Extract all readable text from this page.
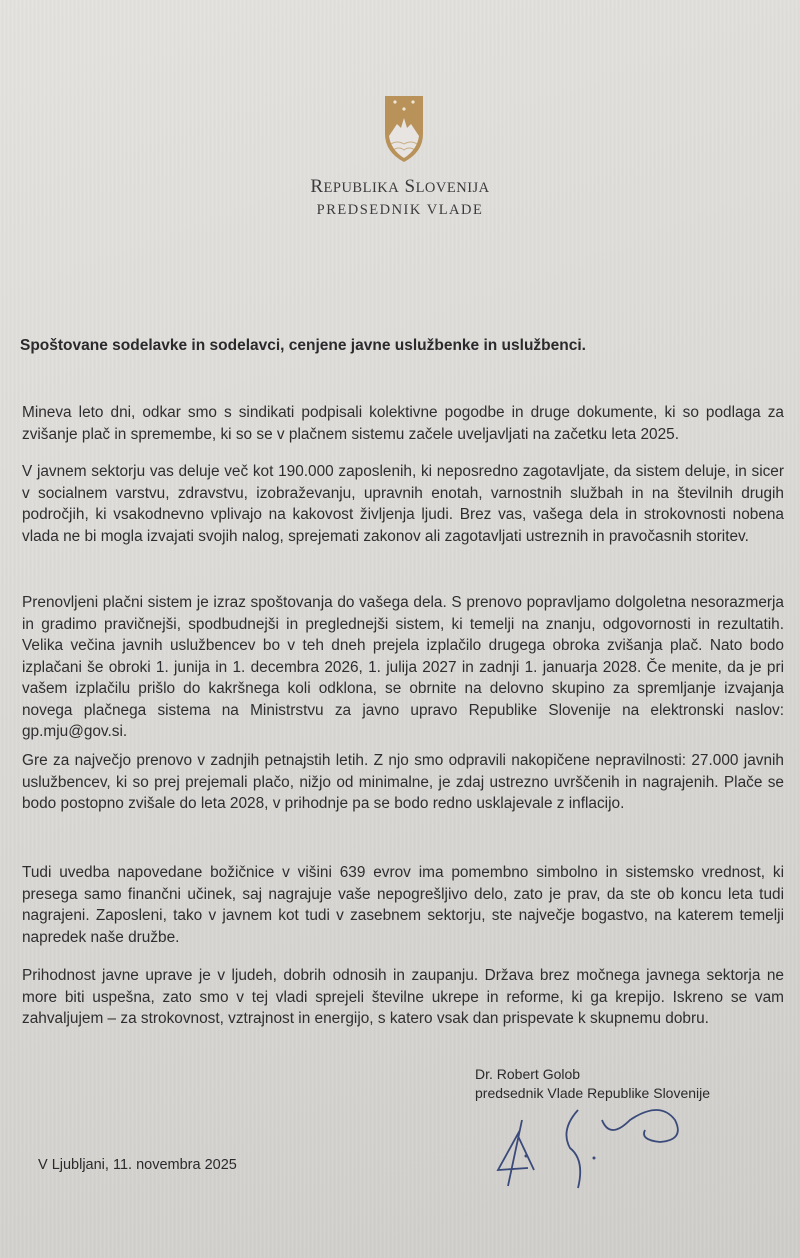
REPUBLIKA SLOVENIJA
PREDSEDNIK VLADE
Spoštovane sodelavke in sodelavci, cenjene javne uslužbenke in uslužbenci.
Mineva leto dni, odkar smo s sindikati podpisali kolektivne pogodbe in druge dokumente, ki so podlaga za zvišanje plač in spremembe, ki so se v plačnem sistemu začele uveljavljati na začetku leta 2025.
V javnem sektorju vas deluje več kot 190.000 zaposlenih, ki neposredno zagotavljate, da sistem deluje, in sicer v socialnem varstvu, zdravstvu, izobraževanju, upravnih enotah, varnostnih službah in na številnih drugih področjih, ki vsakodnevno vplivajo na kakovost življenja ljudi. Brez vas, vašega dela in strokovnosti nobena vlada ne bi mogla izvajati svojih nalog, sprejemati zakonov ali zagotavljati ustreznih in pravočasnih storitev.
Prenovljeni plačni sistem je izraz spoštovanja do vašega dela. S prenovo popravljamo dolgoletna nesorazmerja in gradimo pravičnejši, spodbudnejši in preglednejši sistem, ki temelji na znanju, odgovornosti in rezultatih. Velika večina javnih uslužbencev bo v teh dneh prejela izplačilo drugega obroka zvišanja plač. Nato bodo izplačani še obroki 1. junija in 1. decembra 2026, 1. julija 2027 in zadnji 1. januarja 2028. Če menite, da je pri vašem izplačilu prišlo do kakršnega koli odklona, se obrnite na delovno skupino za spremljanje izvajanja novega plačnega sistema na Ministrstvu za javno upravo Republike Slovenije na elektronski naslov: gp.mju@gov.si.
Gre za največjo prenovo v zadnjih petnajstih letih. Z njo smo odpravili nakopičene nepravilnosti: 27.000 javnih uslužbencev, ki so prej prejemali plačo, nižjo od minimalne, je zdaj ustrezno uvrščenih in nagrajenih. Plače se bodo postopno zvišale do leta 2028, v prihodnje pa se bodo redno usklajevale z inflacijo.
Tudi uvedba napovedane božičnice v višini 639 evrov ima pomembno simbolno in sistemsko vrednost, ki presega samo finančni učinek, saj nagrajuje vaše nepogrešljivo delo, zato je prav, da ste ob koncu leta tudi nagrajeni. Zaposleni, tako v javnem kot tudi v zasebnem sektorju, ste največje bogastvo, na katerem temelji napredek naše družbe.
Prihodnost javne uprave je v ljudeh, dobrih odnosih in zaupanju. Država brez močnega javnega sektorja ne more biti uspešna, zato smo v tej vladi sprejeli številne ukrepe in reforme, ki ga krepijo. Iskreno se vam zahvaljujem – za strokovnost, vztrajnost in energijo, s katero vsak dan prispevate k skupnemu dobru.
Dr. Robert Golob
predsednik Vlade Republike Slovenije
V Ljubljani, 11. novembra 2025
